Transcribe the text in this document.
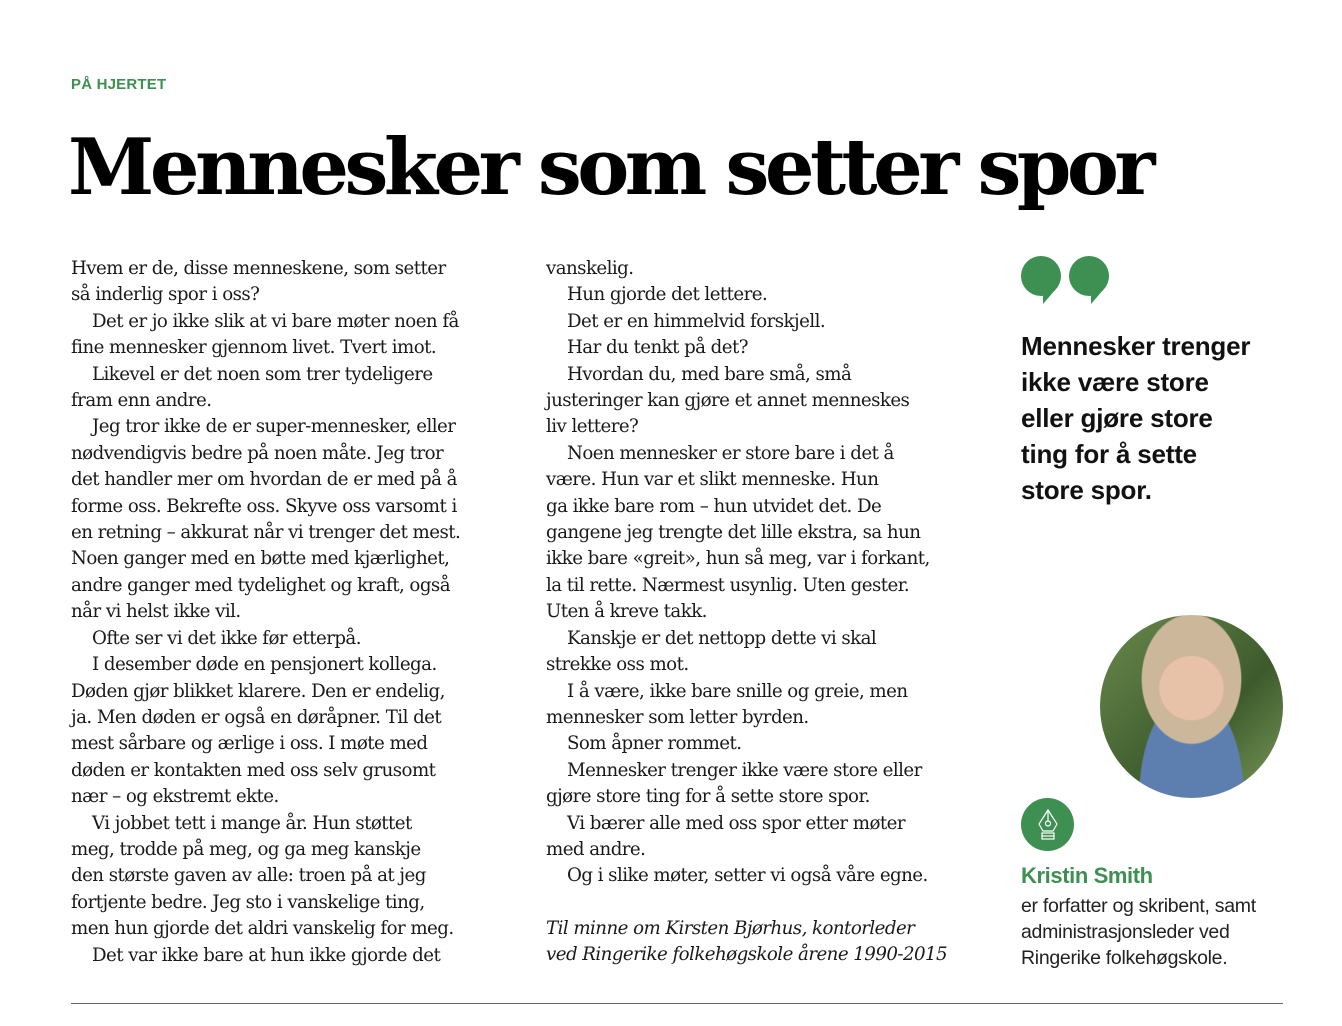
PÅ HJERTET
Mennesker som setter spor

Hvem er de, disse menneskene, som setter
så inderlig spor i oss?

Det er jo ikke slik at vi bare møter noen få
fine mennesker gjennom livet. Tvert imot.

Likevel er det noen som trer tydeligere
fram enn andre.

Jeg tror ikke de er super-mennesker, eller
nødvendigvis bedre på noen måte. Jeg tror
det handler mer om hvordan de er med på å
forme oss. Bekrefte oss. Skyve oss varsomt i
en retning – akkurat når vi trenger det mest.
Noen ganger med en bøtte med kjærlighet,
andre ganger med tydelighet og kraft, også
når vi helst ikke vil.

Ofte ser vi det ikke før etterpå.

I desember døde en pensjonert kollega.
Døden gjør blikket klarere. Den er endelig,
ja. Men døden er også en døråpner. Til det
mest sårbare og ærlige i oss. I møte med
døden er kontakten med oss selv grusomt
nær – og ekstremt ekte.

Vi jobbet tett i mange år. Hun støttet
meg, trodde på meg, og ga meg kanskje
den største gaven av alle: troen på at jeg
fortjente bedre. Jeg sto i vanskelige ting,
men hun gjorde det aldri vanskelig for meg.

Det var ikke bare at hun ikke gjorde det

vanskelig.

Hun gjorde det lettere.

Det er en himmelvid forskjell.

Har du tenkt på det?

Hvordan du, med bare små, små
justeringer kan gjøre et annet menneskes
liv lettere?

Noen mennesker er store bare i det å
være. Hun var et slikt menneske. Hun
ga ikke bare rom – hun utvidet det. De
gangene jeg trengte det lille ekstra, sa hun
ikke bare «greit», hun så meg, var i forkant,
la til rette. Nærmest usynlig. Uten gester.
Uten å kreve takk.

Kanskje er det nettopp dette vi skal
strekke oss mot.

I å være, ikke bare snille og greie, men
mennesker som letter byrden.

Som åpner rommet.

Mennesker trenger ikke være store eller
gjøre store ting for å sette store spor.

Vi bærer alle med oss spor etter møter
med andre.

Og i slike møter, setter vi også våre egne.

Til minne om Kirsten Bjørhus, kontorleder
ved Ringerike folkehøgskole årene 1990-2015

Mennesker trenger
ikke være store
eller gjøre store
ting for å sette
store spor.

Kristin Smith
er forfatter og skribent, samt
administrasjonsleder ved
Ringerike folkehøgskole.
